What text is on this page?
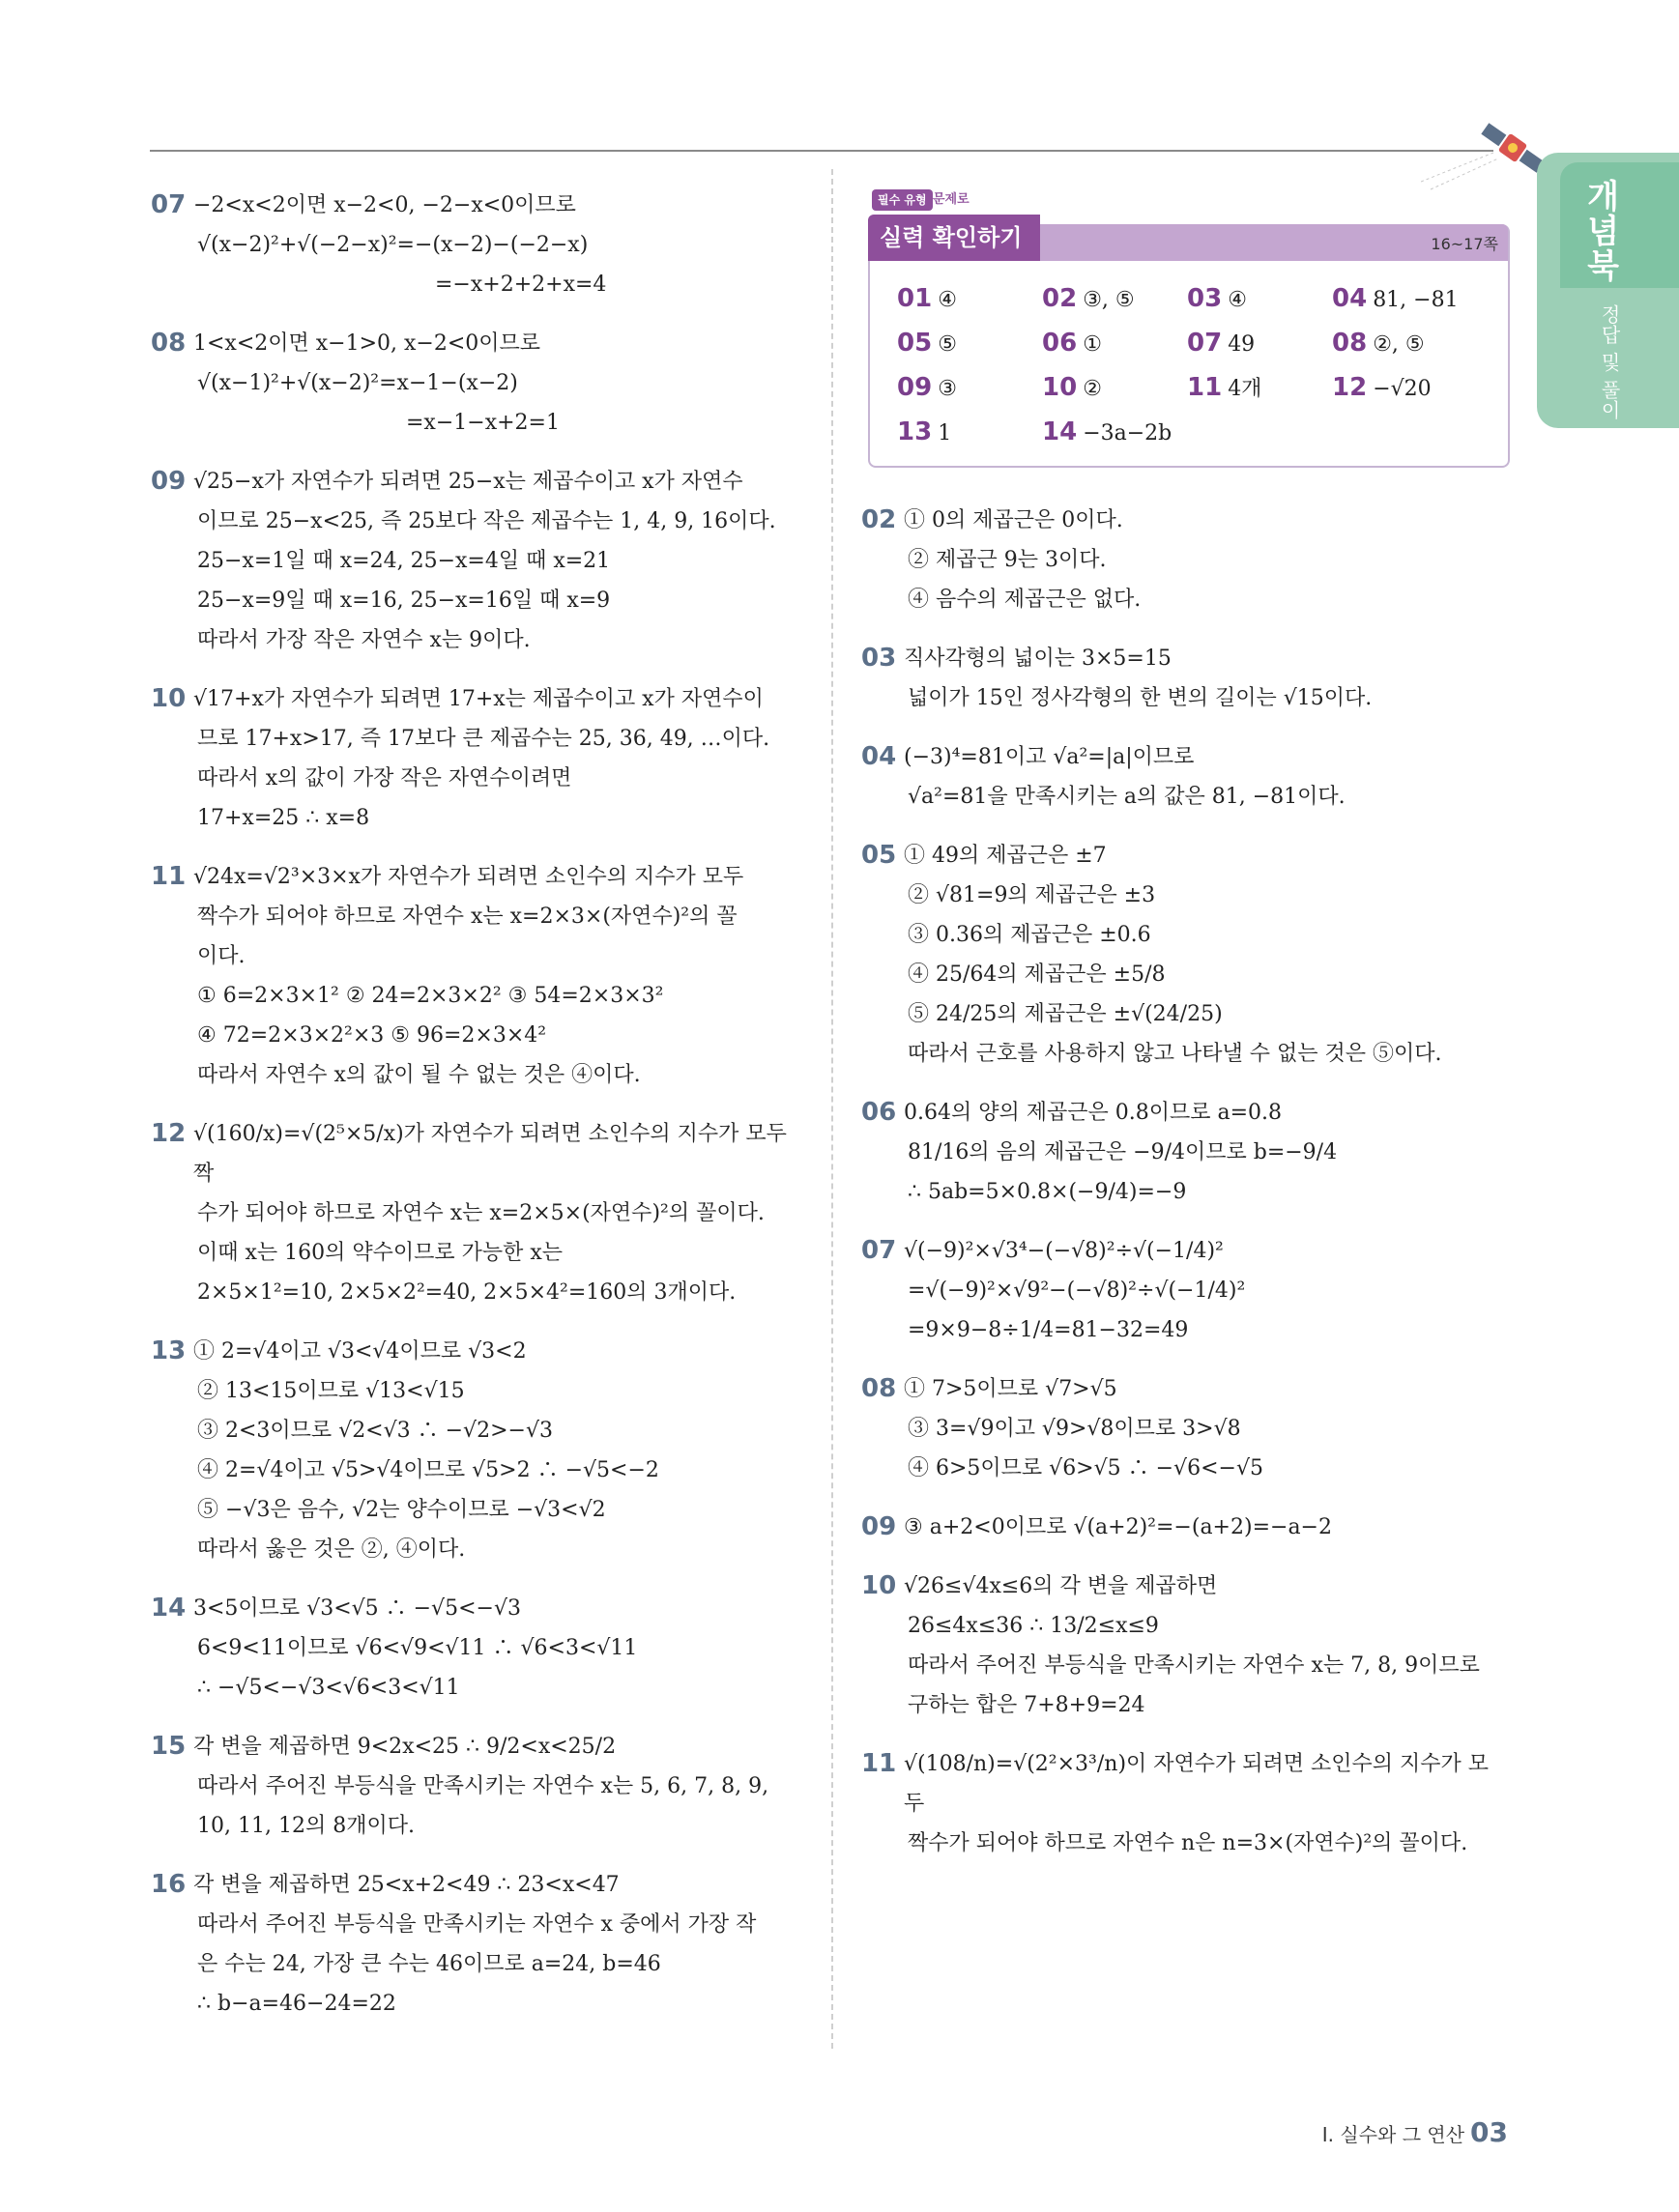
개념북
정답 및 풀이
실력 확인하기
필수 유형 문제로
16~17쪽
01 ④	02 ③, ⑤	03 ④	04 81, −81
05 ⑤	06 ①	07 49	08 ②, ⑤
09 ③	10 ②	11 4개	12 −√20
13 1	14 −3a−2b
07 −2<x<2이면 x−2<0, −2−x<0이므로
√(x−2)²+√(−2−x)²=−(x−2)−(−2−x)
=−x+2+2+x=4
08 1<x<2이면 x−1>0, x−2<0이므로
√(x−1)²+√(x−2)²=x−1−(x−2)
=x−1−x+2=1
09 √25−x가 자연수가 되려면 25−x는 제곱수이고 x가 자연수
이므로 25−x<25, 즉 25보다 작은 제곱수는 1, 4, 9, 16이다.
25−x=1일 때 x=24, 25−x=4일 때 x=21
25−x=9일 때 x=16, 25−x=16일 때 x=9
따라서 가장 작은 자연수 x는 9이다.
10 √17+x가 자연수가 되려면 17+x는 제곱수이고 x가 자연수이
므로 17+x>17, 즉 17보다 큰 제곱수는 25, 36, 49, …이다.
따라서 x의 값이 가장 작은 자연수이려면
17+x=25 ∴ x=8
11 √24x=√2³×3×x가 자연수가 되려면 소인수의 지수가 모두
짝수가 되어야 하므로 자연수 x는 x=2×3×(자연수)²의 꼴
이다.
① 6=2×3×1² ② 24=2×3×2² ③ 54=2×3×3²
④ 72=2×3×2²×3 ⑤ 96=2×3×4²
따라서 자연수 x의 값이 될 수 없는 것은 ④이다.
12 √(160/x)=√(2⁵×5/x)가 자연수가 되려면 소인수의 지수가 모두 짝
수가 되어야 하므로 자연수 x는 x=2×5×(자연수)²의 꼴이다.
이때 x는 160의 약수이므로 가능한 x는
2×5×1²=10, 2×5×2²=40, 2×5×4²=160의 3개이다.
13 ① 2=√4이고 √3<√4이므로 √3<2
② 13<15이므로 √13<√15
③ 2<3이므로 √2<√3 ∴ −√2>−√3
④ 2=√4이고 √5>√4이므로 √5>2 ∴ −√5<−2
⑤ −√3은 음수, √2는 양수이므로 −√3<√2
따라서 옳은 것은 ②, ④이다.
14 3<5이므로 √3<√5 ∴ −√5<−√3
6<9<11이므로 √6<√9<√11 ∴ √6<3<√11
∴ −√5<−√3<√6<3<√11
15 각 변을 제곱하면 9<2x<25 ∴ 9/2<x<25/2
따라서 주어진 부등식을 만족시키는 자연수 x는 5, 6, 7, 8, 9,
10, 11, 12의 8개이다.
16 각 변을 제곱하면 25<x+2<49 ∴ 23<x<47
따라서 주어진 부등식을 만족시키는 자연수 x 중에서 가장 작
은 수는 24, 가장 큰 수는 46이므로 a=24, b=46
∴ b−a=46−24=22
02 ① 0의 제곱근은 0이다.
② 제곱근 9는 3이다.
④ 음수의 제곱근은 없다.
03 직사각형의 넓이는 3×5=15
넓이가 15인 정사각형의 한 변의 길이는 √15이다.
04 (−3)⁴=81이고 √a²=|a|이므로
√a²=81을 만족시키는 a의 값은 81, −81이다.
05 ① 49의 제곱근은 ±7
② √81=9의 제곱근은 ±3
③ 0.36의 제곱근은 ±0.6
④ 25/64의 제곱근은 ±5/8
⑤ 24/25의 제곱근은 ±√(24/25)
따라서 근호를 사용하지 않고 나타낼 수 없는 것은 ⑤이다.
06 0.64의 양의 제곱근은 0.8이므로 a=0.8
81/16의 음의 제곱근은 −9/4이므로 b=−9/4
∴ 5ab=5×0.8×(−9/4)=−9
07 √(−9)²×√3⁴−(−√8)²÷√(−1/4)²
=√(−9)²×√9²−(−√8)²÷√(−1/4)²
=9×9−8÷1/4=81−32=49
08 ① 7>5이므로 √7>√5
③ 3=√9이고 √9>√8이므로 3>√8
④ 6>5이므로 √6>√5 ∴ −√6<−√5
09 ③ a+2<0이므로 √(a+2)²=−(a+2)=−a−2
10 √26≤√4x≤6의 각 변을 제곱하면
26≤4x≤36 ∴ 13/2≤x≤9
따라서 주어진 부등식을 만족시키는 자연수 x는 7, 8, 9이므로
구하는 합은 7+8+9=24
11 √(108/n)=√(2²×3³/n)이 자연수가 되려면 소인수의 지수가 모두
짝수가 되어야 하므로 자연수 n은 n=3×(자연수)²의 꼴이다.
Ⅰ. 실수와 그 연산 03
